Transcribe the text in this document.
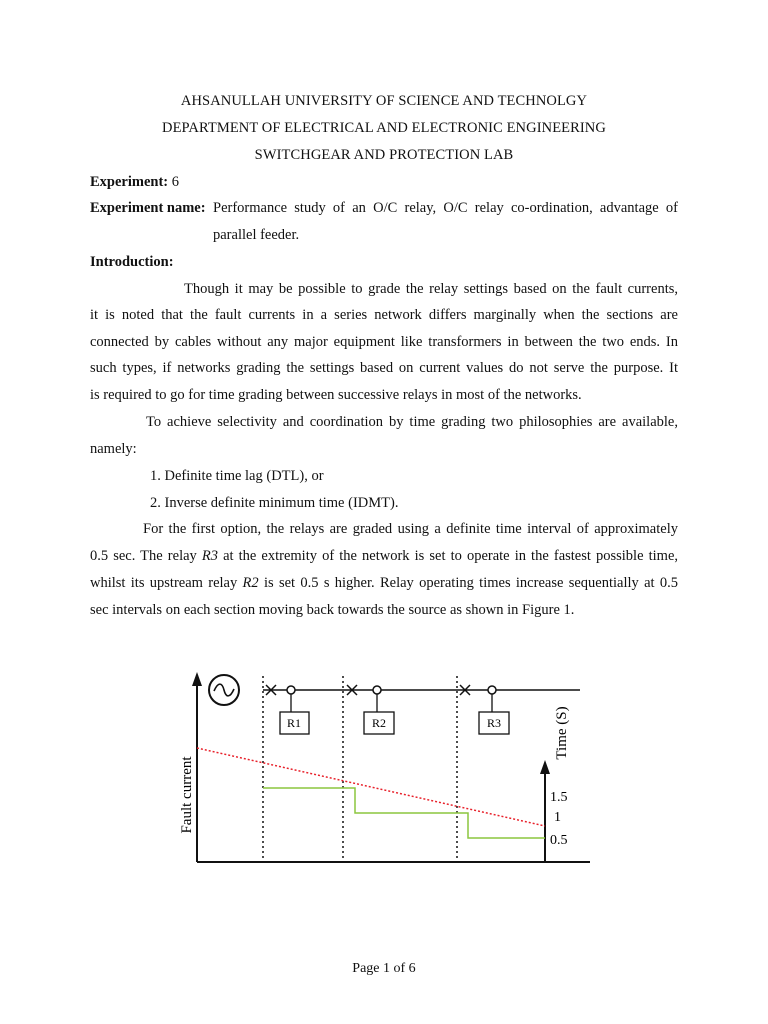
AHSANULLAH UNIVERSITY OF SCIENCE AND TECHNOLGY
DEPARTMENT OF ELECTRICAL AND ELECTRONIC ENGINEERING
SWITCHGEAR AND PROTECTION LAB
Experiment: 6
Experiment name: Performance study of an O/C relay, O/C relay co-ordination, advantage of
parallel feeder.
Introduction:
Though it may be possible to grade the relay settings based on the fault currents,
it is noted that the fault currents in a series network differs marginally when the sections are
connected by cables without any major equipment like transformers in between the two ends. In
such types, if networks grading the settings based on current values do not serve the purpose. It
is required to go for time grading between successive relays in most of the networks.
To achieve selectivity and coordination by time grading two philosophies are available,
namely:
1. Definite time lag (DTL), or
2. Inverse definite minimum time (IDMT).
For the first option, the relays are graded using a definite time interval of approximately
0.5 sec. The relay R3 at the extremity of the network is set to operate in the fastest possible time,
whilst its upstream relay R2 is set 0.5 s higher. Relay operating times increase sequentially at 0.5
sec intervals on each section moving back towards the source as shown in Figure 1.
R1	R2	R3
Fault current
Time (S)
1.5
1
0.5
Page 1 of 6
